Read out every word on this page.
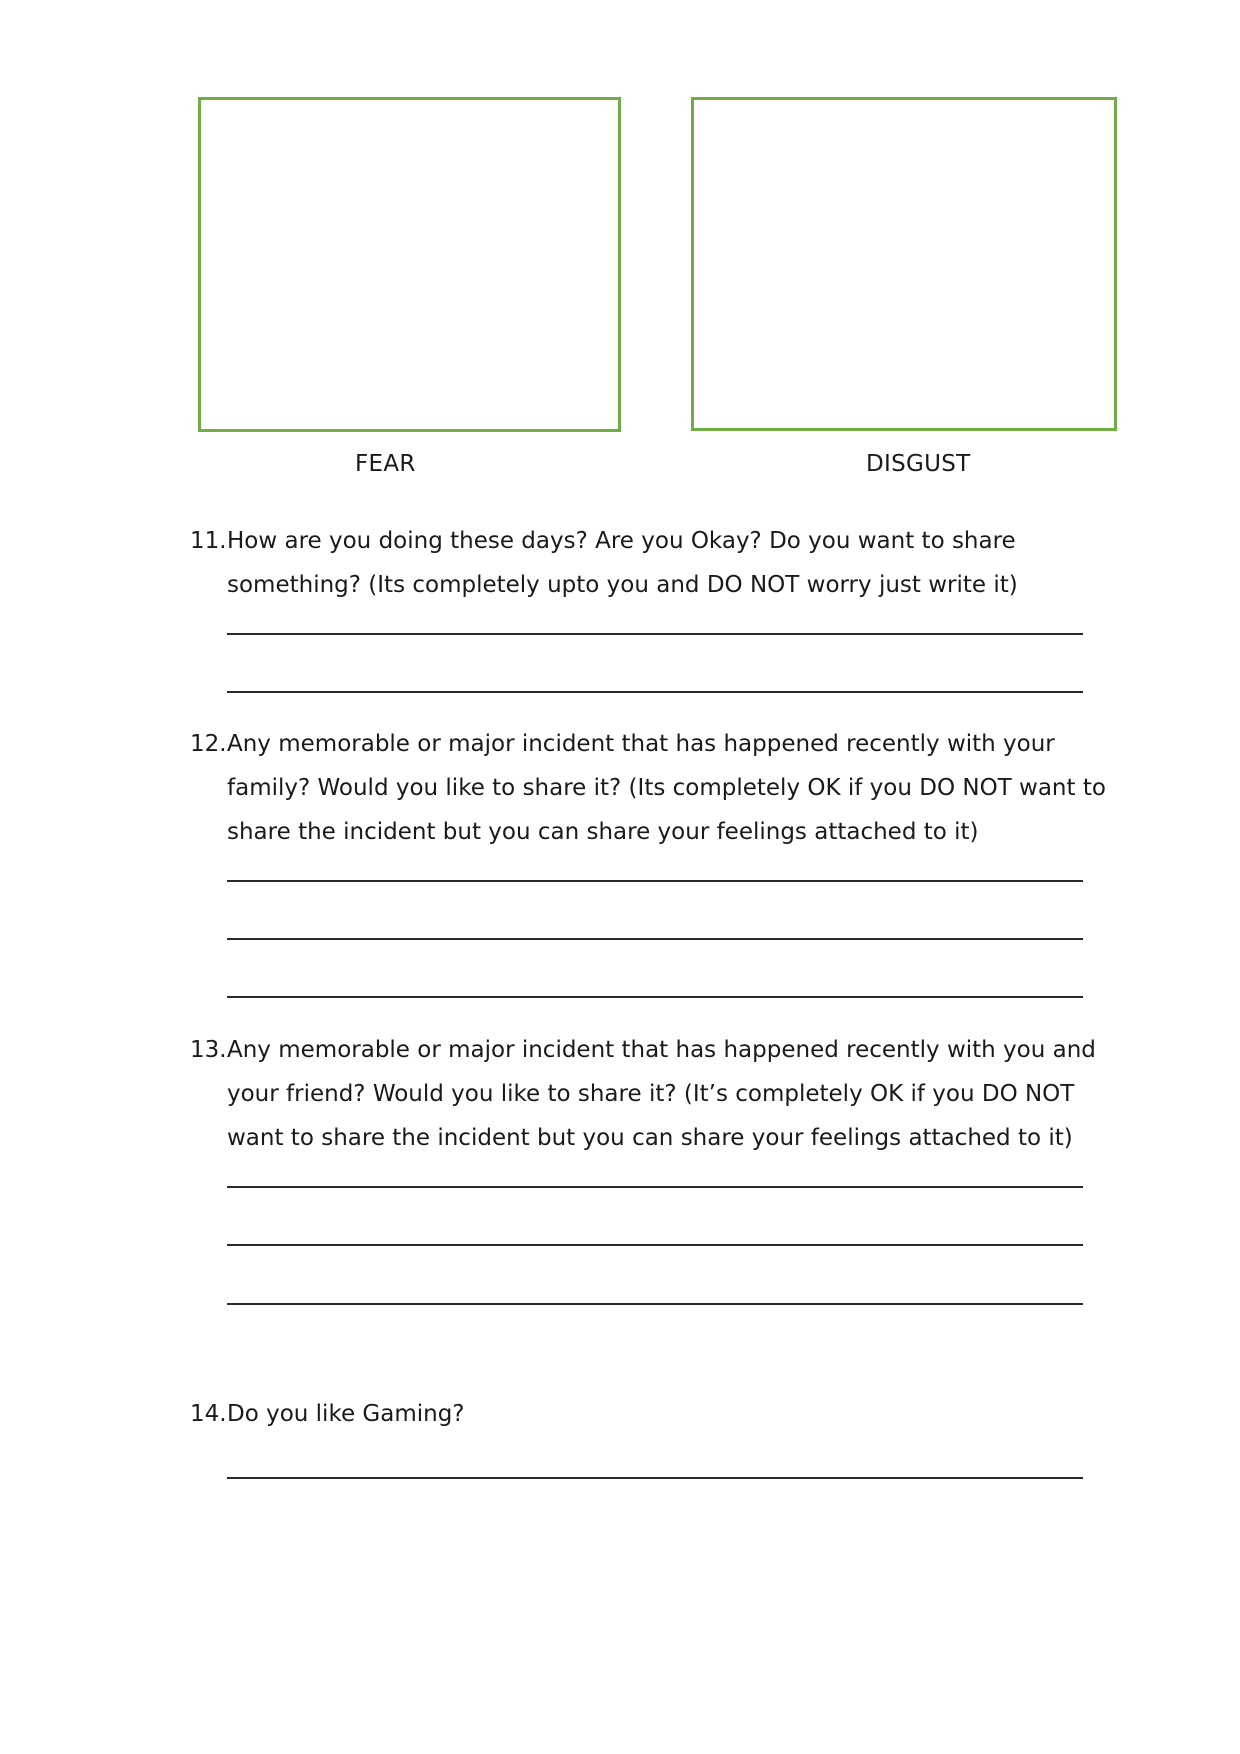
FEAR	DISGUST
11. How are you doing these days? Are you Okay? Do you want to share
something? (Its completely upto you and DO NOT worry just write it)
12. Any memorable or major incident that has happened recently with your
family? Would you like to share it? (Its completely OK if you DO NOT want to
share the incident but you can share your feelings attached to it)
13. Any memorable or major incident that has happened recently with you and
your friend? Would you like to share it? (It’s completely OK if you DO NOT
want to share the incident but you can share your feelings attached to it)
14. Do you like Gaming?
